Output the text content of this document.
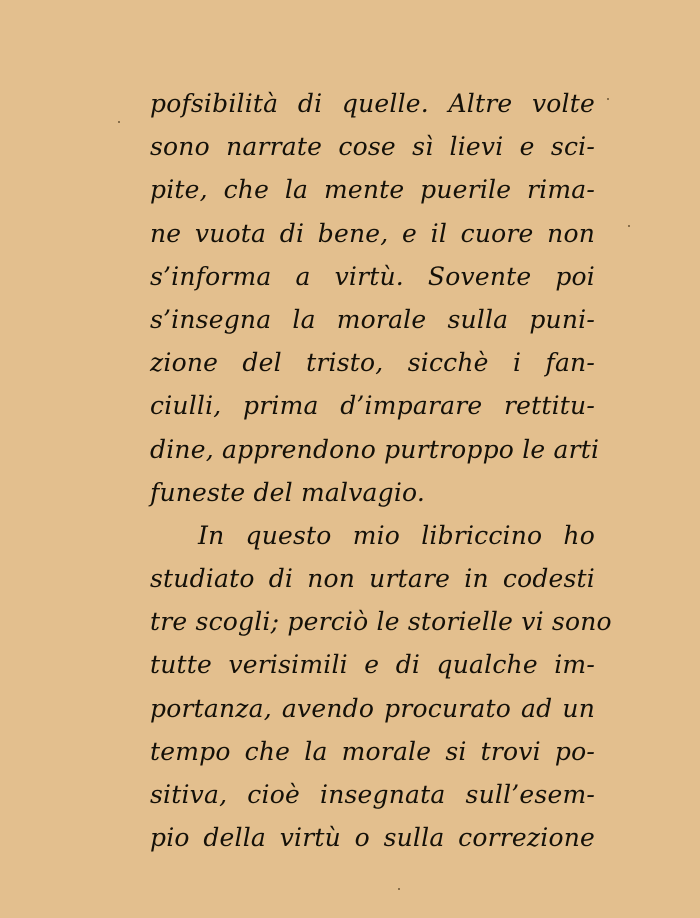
pofsibilità di quelle. Altre volte
sono narrate cose sì lievi e sci-
pite, che la mente puerile rima-
ne vuota di bene, e il cuore non
s’informa a virtù. Sovente poi
s’insegna la morale sulla puni-
zione del tristo, sicchè i fan-
ciulli, prima d’imparare rettitu-
dine, apprendono purtroppo le arti
funeste del malvagio.
In questo mio libriccino ho
studiato di non urtare in codesti
tre scogli; perciò le storielle vi sono
tutte verisimili e di qualche im-
portanza, avendo procurato ad un
tempo che la morale si trovi po-
sitiva, cioè insegnata sull’esem-
pio della virtù o sulla correzione
